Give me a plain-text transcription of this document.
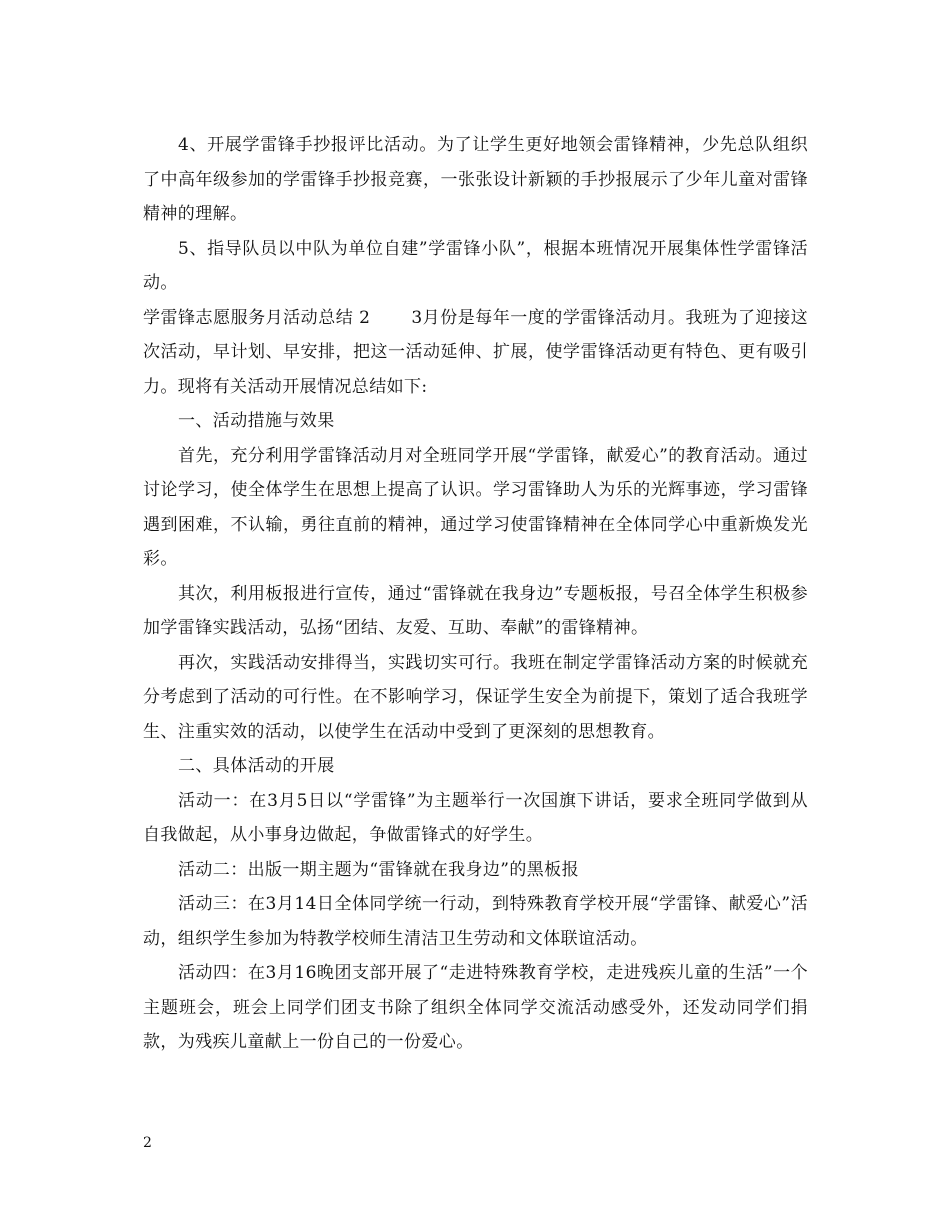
4、开展学雷锋手抄报评比活动。为了让学生更好地领会雷锋精神，少先总队组织了中高年级参加的学雷锋手抄报竞赛，一张张设计新颖的手抄报展示了少年儿童对雷锋精神的理解。

5、指导队员以中队为单位自建”学雷锋小队”，根据本班情况开展集体性学雷锋活动。

学雷锋志愿服务月活动总结 2 　　3月份是每年一度的学雷锋活动月。我班为了迎接这次活动，早计划、早安排，把这一活动延伸、扩展，使学雷锋活动更有特色、更有吸引力。现将有关活动开展情况总结如下:

一、活动措施与效果

首先，充分利用学雷锋活动月对全班同学开展“学雷锋，献爱心”的教育活动。通过讨论学习，使全体学生在思想上提高了认识。学习雷锋助人为乐的光辉事迹，学习雷锋遇到困难，不认输，勇往直前的精神，通过学习使雷锋精神在全体同学心中重新焕发光彩。

其次，利用板报进行宣传，通过“雷锋就在我身边”专题板报，号召全体学生积极参加学雷锋实践活动，弘扬“团结、友爱、互助、奉献”的雷锋精神。

再次，实践活动安排得当，实践切实可行。我班在制定学雷锋活动方案的时候就充分考虑到了活动的可行性。在不影响学习，保证学生安全为前提下，策划了适合我班学生、注重实效的活动，以使学生在活动中受到了更深刻的思想教育。

二、具体活动的开展

活动一：在3月5日以“学雷锋”为主题举行一次国旗下讲话，要求全班同学做到从自我做起，从小事身边做起，争做雷锋式的好学生。

活动二：出版一期主题为“雷锋就在我身边”的黑板报

活动三：在3月14日全体同学统一行动，到特殊教育学校开展“学雷锋、献爱心”活动，组织学生参加为特教学校师生清洁卫生劳动和文体联谊活动。

活动四：在3月16晚团支部开展了“走进特殊教育学校，走进残疾儿童的生活”一个主题班会，班会上同学们团支书除了组织全体同学交流活动感受外，还发动同学们捐款，为残疾儿童献上一份自己的一份爱心。

2
